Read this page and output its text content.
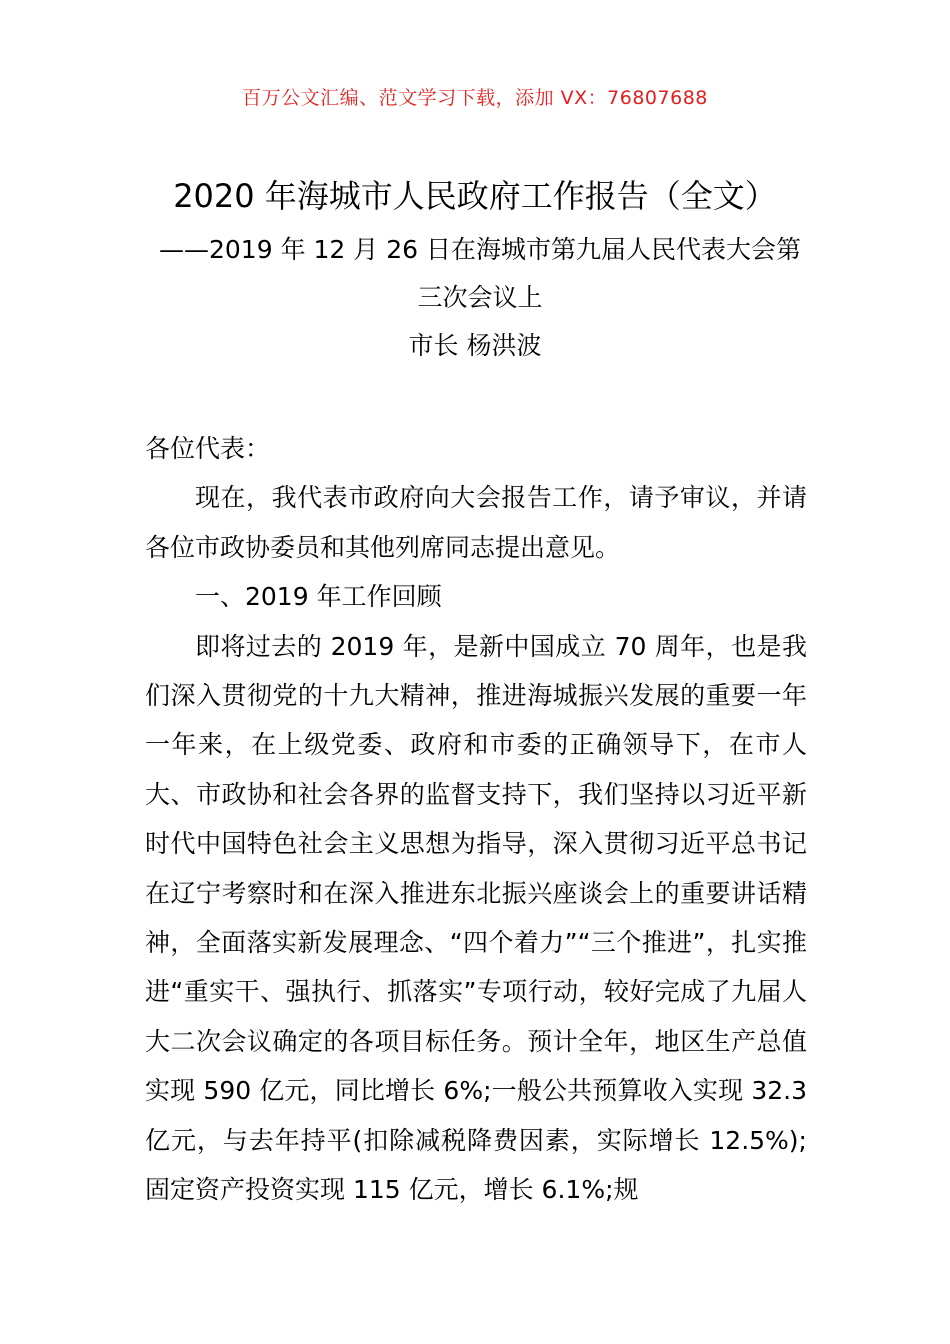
百万公文汇编、范文学习下载，添加 VX：76807688
2020 年海城市人民政府工作报告（全文）
——2019 年 12 月 26 日在海城市第九届人民代表大会第三次会议上
市长 杨洪波

各位代表：

现在，我代表市政府向大会报告工作，请予审议，并请各位市政协委员和其他列席同志提出意见。

一、2019 年工作回顾

即将过去的 2019 年，是新中国成立 70 周年，也是我们深入贯彻党的十九大精神，推进海城振兴发展的重要一年一年来，在上级党委、政府和市委的正确领导下，在市人大、市政协和社会各界的监督支持下，我们坚持以习近平新时代中国特色社会主义思想为指导，深入贯彻习近平总书记在辽宁考察时和在深入推进东北振兴座谈会上的重要讲话精神，全面落实新发展理念、“四个着力”“三个推进”，扎实推进“重实干、强执行、抓落实”专项行动，较好完成了九届人大二次会议确定的各项目标任务。预计全年，地区生产总值实现 590 亿元，同比增长 6%;一般公共预算收入实现 32.3 亿元，与去年持平(扣除减税降费因素，实际增长 12.5%);固定资产投资实现 115 亿元，增长 6.1%;规
